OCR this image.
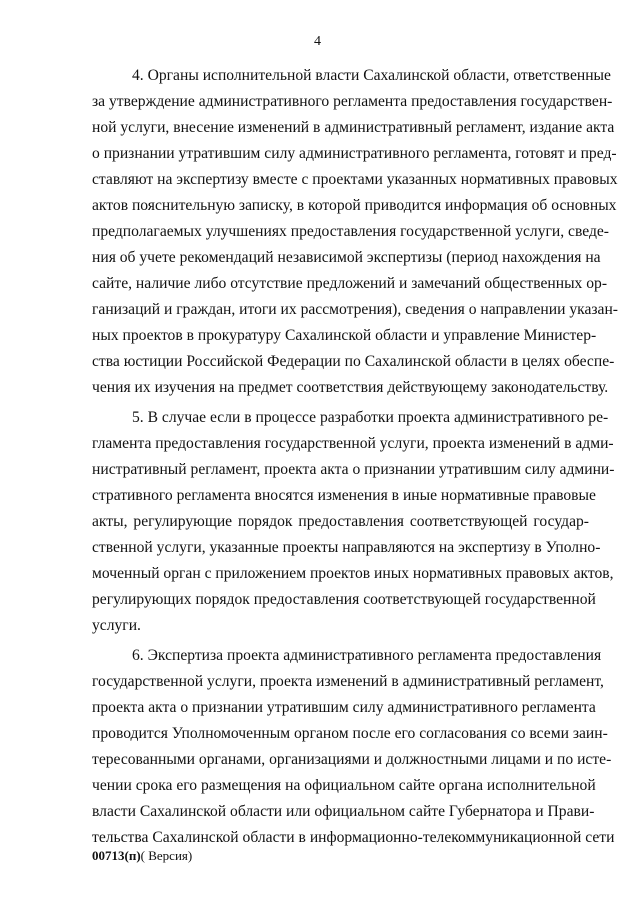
4
4. Органы исполнительной власти Сахалинской области, ответственные
за утверждение административного регламента предоставления государствен-
ной услуги, внесение изменений в административный регламент, издание акта
о признании утратившим силу административного регламента, готовят и пред-
ставляют на экспертизу вместе с проектами указанных нормативных правовых
актов пояснительную записку, в которой приводится информация об основных
предполагаемых улучшениях предоставления государственной услуги, сведе-
ния об учете рекомендаций независимой экспертизы (период нахождения на
сайте, наличие либо отсутствие предложений и замечаний общественных ор-
ганизаций и граждан, итоги их рассмотрения), сведения о направлении указан-
ных проектов в прокуратуру Сахалинской области и управление Министер-
ства юстиции Российской Федерации по Сахалинской области в целях обеспе-
чения их изучения на предмет соответствия действующему законодательству.
5. В случае если в процессе разработки проекта административного ре-
гламента предоставления государственной услуги, проекта изменений в адми-
нистративный регламент, проекта акта о признании утратившим силу админи-
стративного регламента вносятся изменения в иные нормативные правовые
акты, регулирующие порядок предоставления соответствующей государ-
ственной услуги, указанные проекты направляются на экспертизу в Уполно-
моченный орган с приложением проектов иных нормативных правовых актов,
регулирующих порядок предоставления соответствующей государственной
услуги.
6. Экспертиза проекта административного регламента предоставления
государственной услуги, проекта изменений в административный регламент,
проекта акта о признании утратившим силу административного регламента
проводится Уполномоченным органом после его согласования со всеми заин-
тересованными органами, организациями и должностными лицами и по исте-
чении срока его размещения на официальном сайте органа исполнительной
власти Сахалинской области или официальном сайте Губернатора и Прави-
тельства Сахалинской области в информационно-телекоммуникационной сети
00713(п)( Версия)
